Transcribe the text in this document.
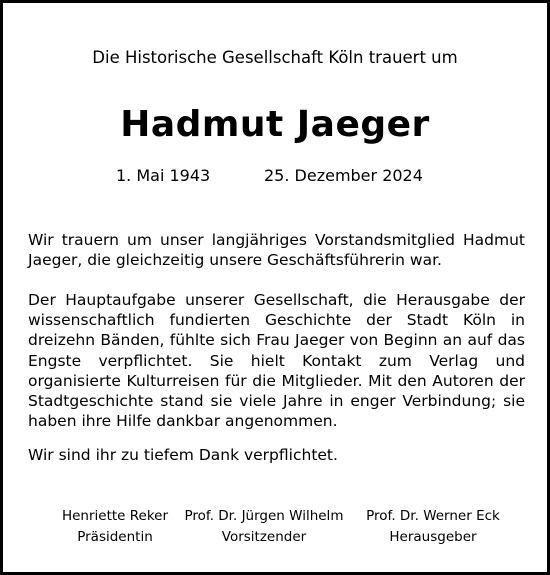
Die Historische Gesellschaft Köln trauert um
Hadmut Jaeger
1. Mai 1943	25. Dezember 2024

Wir trauern um unser langjähriges Vorstandsmitglied Hadmut Jaeger, die gleichzeitig unsere Geschäftsführerin war.

Der Hauptaufgabe unserer Gesellschaft, die Herausgabe der wissenschaftlich fundierten Geschichte der Stadt Köln in dreizehn Bänden, fühlte sich Frau Jaeger von Beginn an auf das Engste verpflichtet. Sie hielt Kontakt zum Verlag und organisierte Kulturreisen für die Mitglieder. Mit den Autoren der Stadtgeschichte stand sie viele Jahre in enger Verbindung; sie haben ihre Hilfe dankbar angenommen.

Wir sind ihr zu tiefem Dank verpflichtet.

Henriette Reker
Präsidentin
Prof. Dr. Jürgen Wilhelm
Vorsitzender
Prof. Dr. Werner Eck
Herausgeber
